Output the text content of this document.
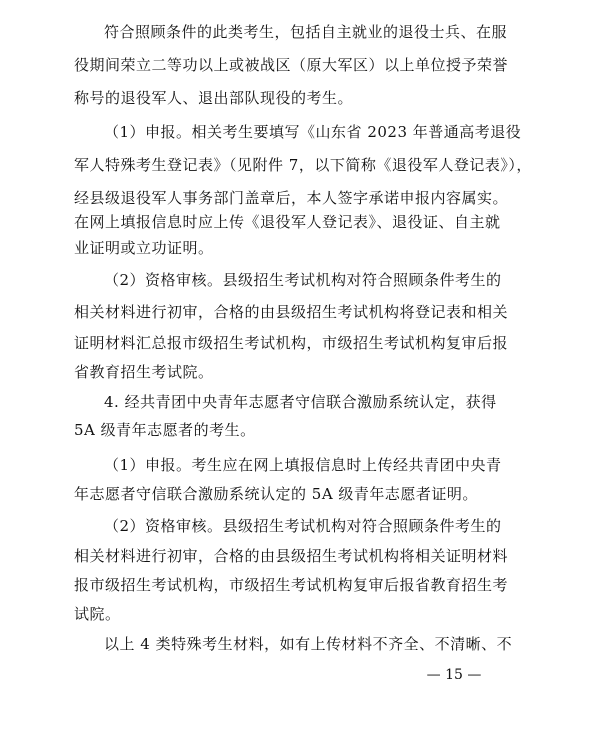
符合照顾条件的此类考生，包括自主就业的退役士兵、在服
役期间荣立二等功以上或被战区（原大军区）以上单位授予荣誉
称号的退役军人、退出部队现役的考生。
（1）申报。相关考生要填写《山东省 2023 年普通高考退役
军人特殊考生登记表》（见附件 7，以下简称《退役军人登记表》），
经县级退役军人事务部门盖章后，本人签字承诺申报内容属实。
在网上填报信息时应上传《退役军人登记表》、退役证、自主就
业证明或立功证明。
（2）资格审核。县级招生考试机构对符合照顾条件考生的
相关材料进行初审，合格的由县级招生考试机构将登记表和相关
证明材料汇总报市级招生考试机构，市级招生考试机构复审后报
省教育招生考试院。
4. 经共青团中央青年志愿者守信联合激励系统认定，获得
5A 级青年志愿者的考生。
（1）申报。考生应在网上填报信息时上传经共青团中央青
年志愿者守信联合激励系统认定的 5A 级青年志愿者证明。
（2）资格审核。县级招生考试机构对符合照顾条件考生的
相关材料进行初审，合格的由县级招生考试机构将相关证明材料
报市级招生考试机构，市级招生考试机构复审后报省教育招生考
试院。
以上 4 类特殊考生材料，如有上传材料不齐全、不清晰、不
— 15 —
